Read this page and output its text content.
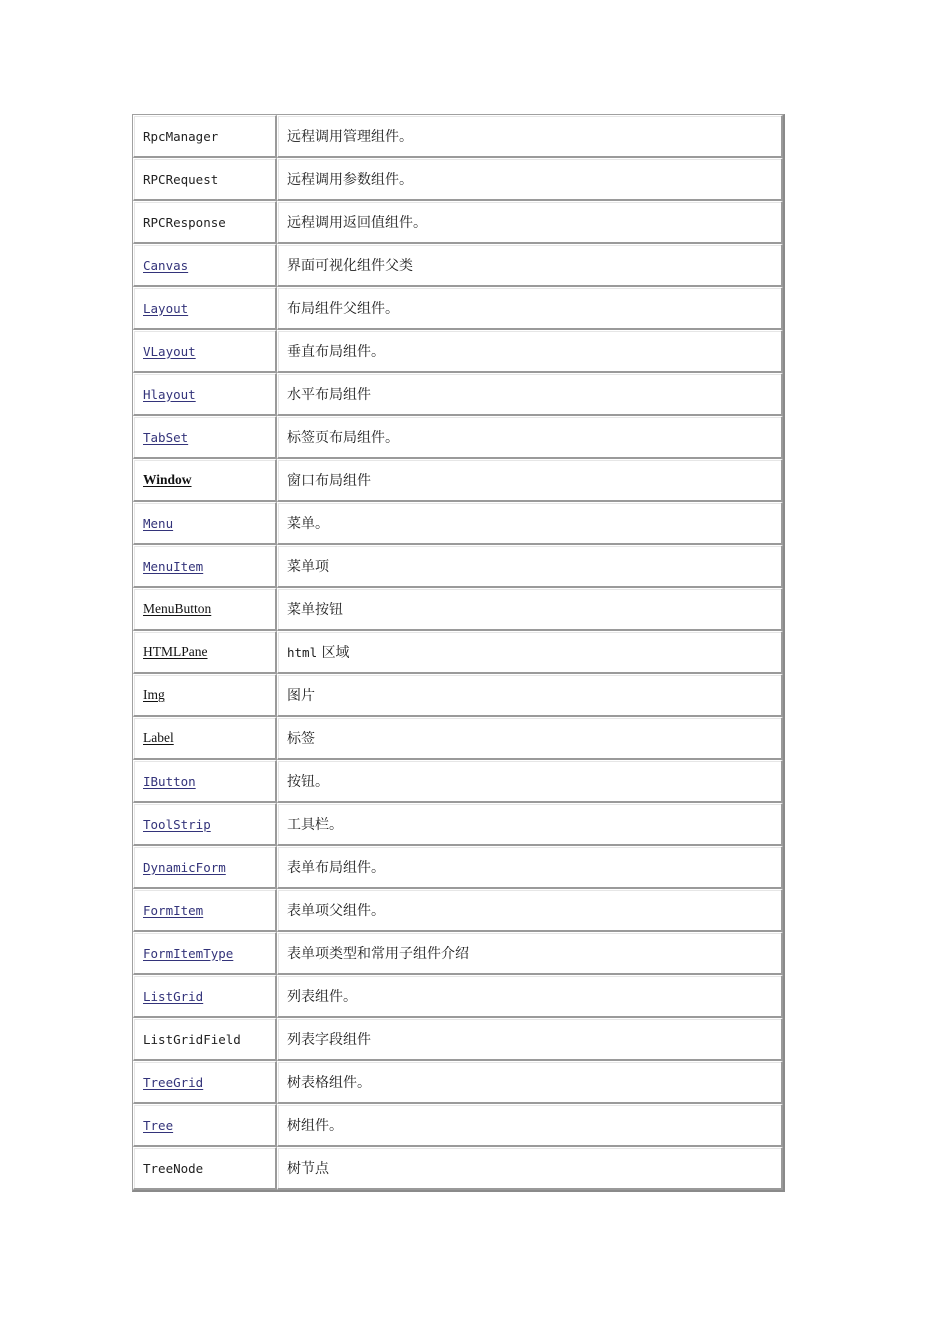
RpcManager	远程调用管理组件。
RPCRequest	远程调用参数组件。
RPCResponse	远程调用返回值组件。
Canvas	界面可视化组件父类
Layout	布局组件父组件。
VLayout	垂直布局组件。
Hlayout	水平布局组件
TabSet	标签页布局组件。
Window	窗口布局组件
Menu	菜单。
MenuItem	菜单项
MenuButton	菜单按钮
HTMLPane	html 区域
Img	图片
Label	标签
IButton	按钮。
ToolStrip	工具栏。
DynamicForm	表单布局组件。
FormItem	表单项父组件。
FormItemType	表单项类型和常用子组件介绍
ListGrid	列表组件。
ListGridField	列表字段组件
TreeGrid	树表格组件。
Tree	树组件。
TreeNode	树节点
